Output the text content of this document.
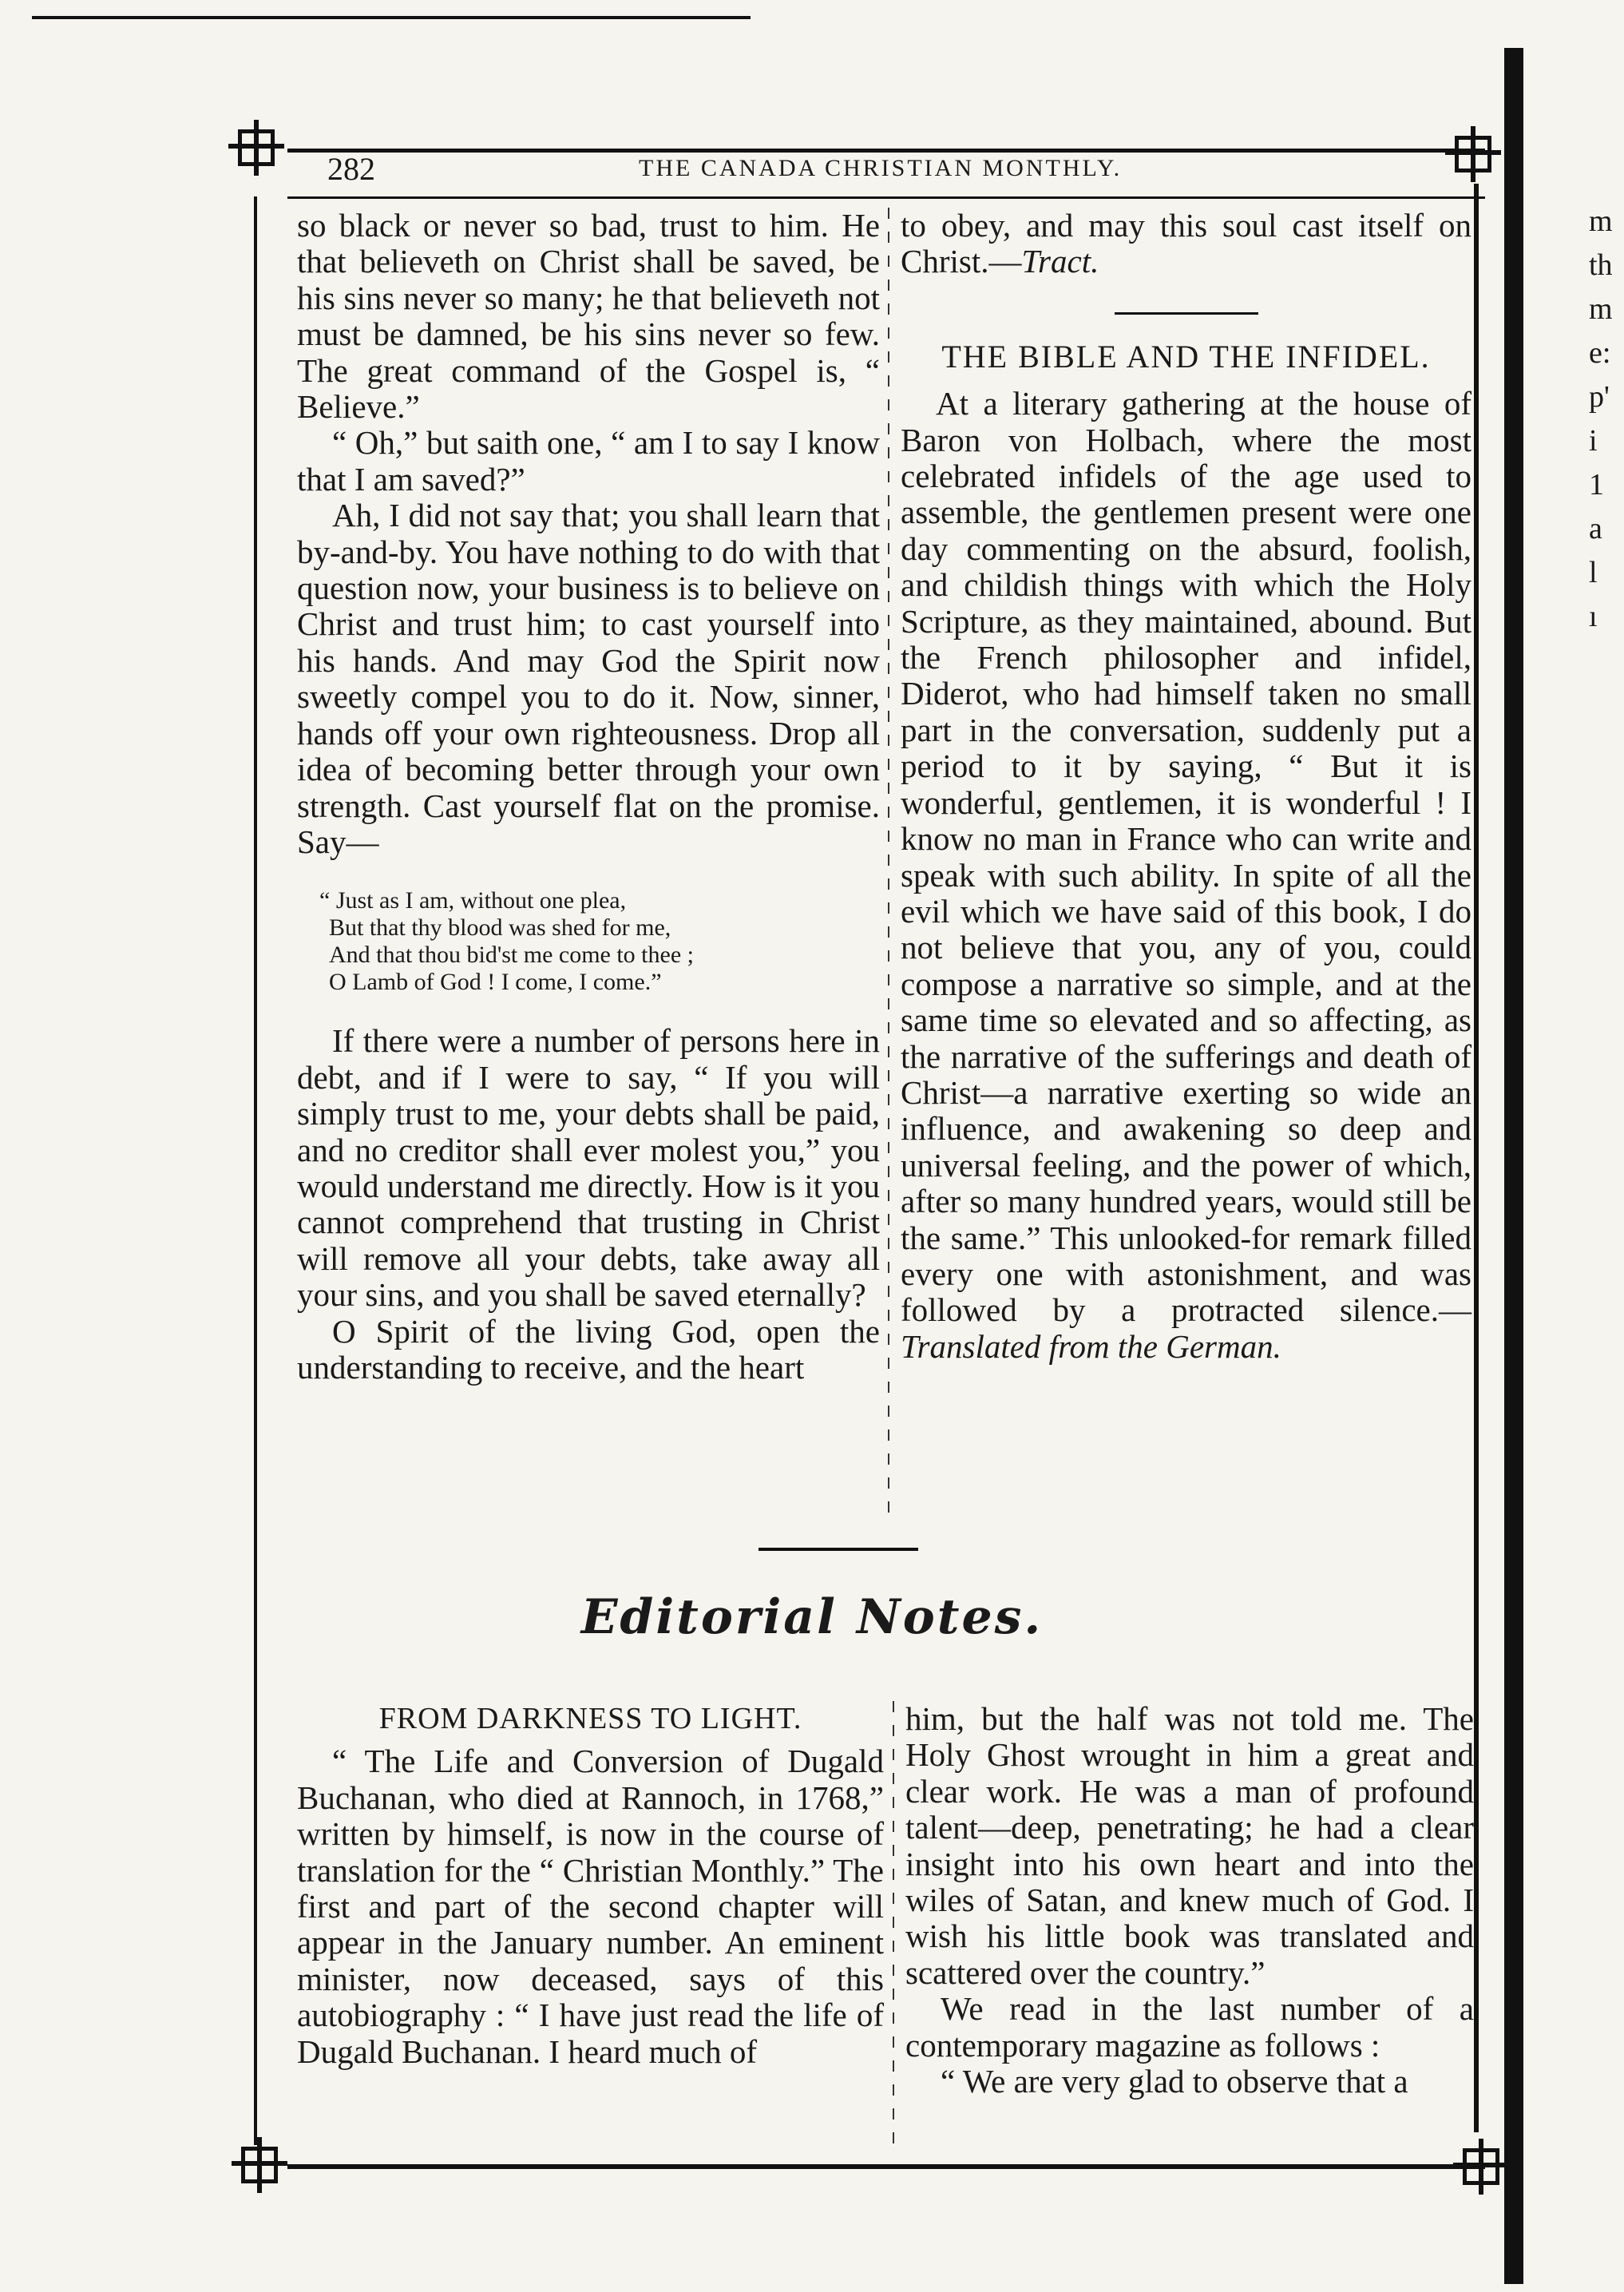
282	THE CANADA CHRISTIAN MONTHLY.

so black or never so bad, trust to him. He that believeth on Christ shall be saved, be his sins never so many; he that believeth not must be damned, be his sins never so few. The great command of the Gospel is, “ Believe.”

“ Oh,” but saith one, “ am I to say I know that I am saved?”

Ah, I did not say that; you shall learn that by-and-by. You have nothing to do with that question now, your business is to believe on Christ and trust him; to cast yourself into his hands. And may God the Spirit now sweetly compel you to do it. Now, sinner, hands off your own righteousness. Drop all idea of becoming better through your own strength. Cast yourself flat on the promise. Say—

“ Just as I am, without one plea,
But that thy blood was shed for me,
And that thou bid'st me come to thee ;
O Lamb of God ! I come, I come.”

If there were a number of persons here in debt, and if I were to say, “ If you will simply trust to me, your debts shall be paid, and no creditor shall ever molest you,” you would understand me directly. How is it you cannot comprehend that trusting in Christ will remove all your debts, take away all your sins, and you shall be saved eternally?

O Spirit of the living God, open the understanding to receive, and the heart

to obey, and may this soul cast itself on Christ.—Tract.

THE BIBLE AND THE INFIDEL.

At a literary gathering at the house of Baron von Holbach, where the most celebrated infidels of the age used to assemble, the gentlemen present were one day commenting on the absurd, foolish, and childish things with which the Holy Scripture, as they maintained, abound. But the French philosopher and infidel, Diderot, who had himself taken no small part in the conversation, suddenly put a period to it by saying, “ But it is wonderful, gentlemen, it is wonderful ! I know no man in France who can write and speak with such ability. In spite of all the evil which we have said of this book, I do not believe that you, any of you, could compose a narrative so simple, and at the same time so elevated and so affecting, as the narrative of the sufferings and death of Christ—a narrative exerting so wide an influence, and awakening so deep and universal feeling, and the power of which, after so many hundred years, would still be the same.” This unlooked-for remark filled every one with astonishment, and was followed by a protracted silence.—Translated from the German.

Editorial Notes.
FROM DARKNESS TO LIGHT.

“ The Life and Conversion of Dugald Buchanan, who died at Rannoch, in 1768,” written by himself, is now in the course of translation for the “ Christian Monthly.” The first and part of the second chapter will appear in the January number. An eminent minister, now deceased, says of this autobiography : “ I have just read the life of Dugald Buchanan. I heard much of

him, but the half was not told me. The Holy Ghost wrought in him a great and clear work. He was a man of profound talent—deep, penetrating; he had a clear insight into his own heart and into the wiles of Satan, and knew much of God. I wish his little book was translated and scattered over the country.”

We read in the last number of a contemporary magazine as follows :

“ We are very glad to observe that a

m
th
m
e:
p'
i
1
a
l
ı
